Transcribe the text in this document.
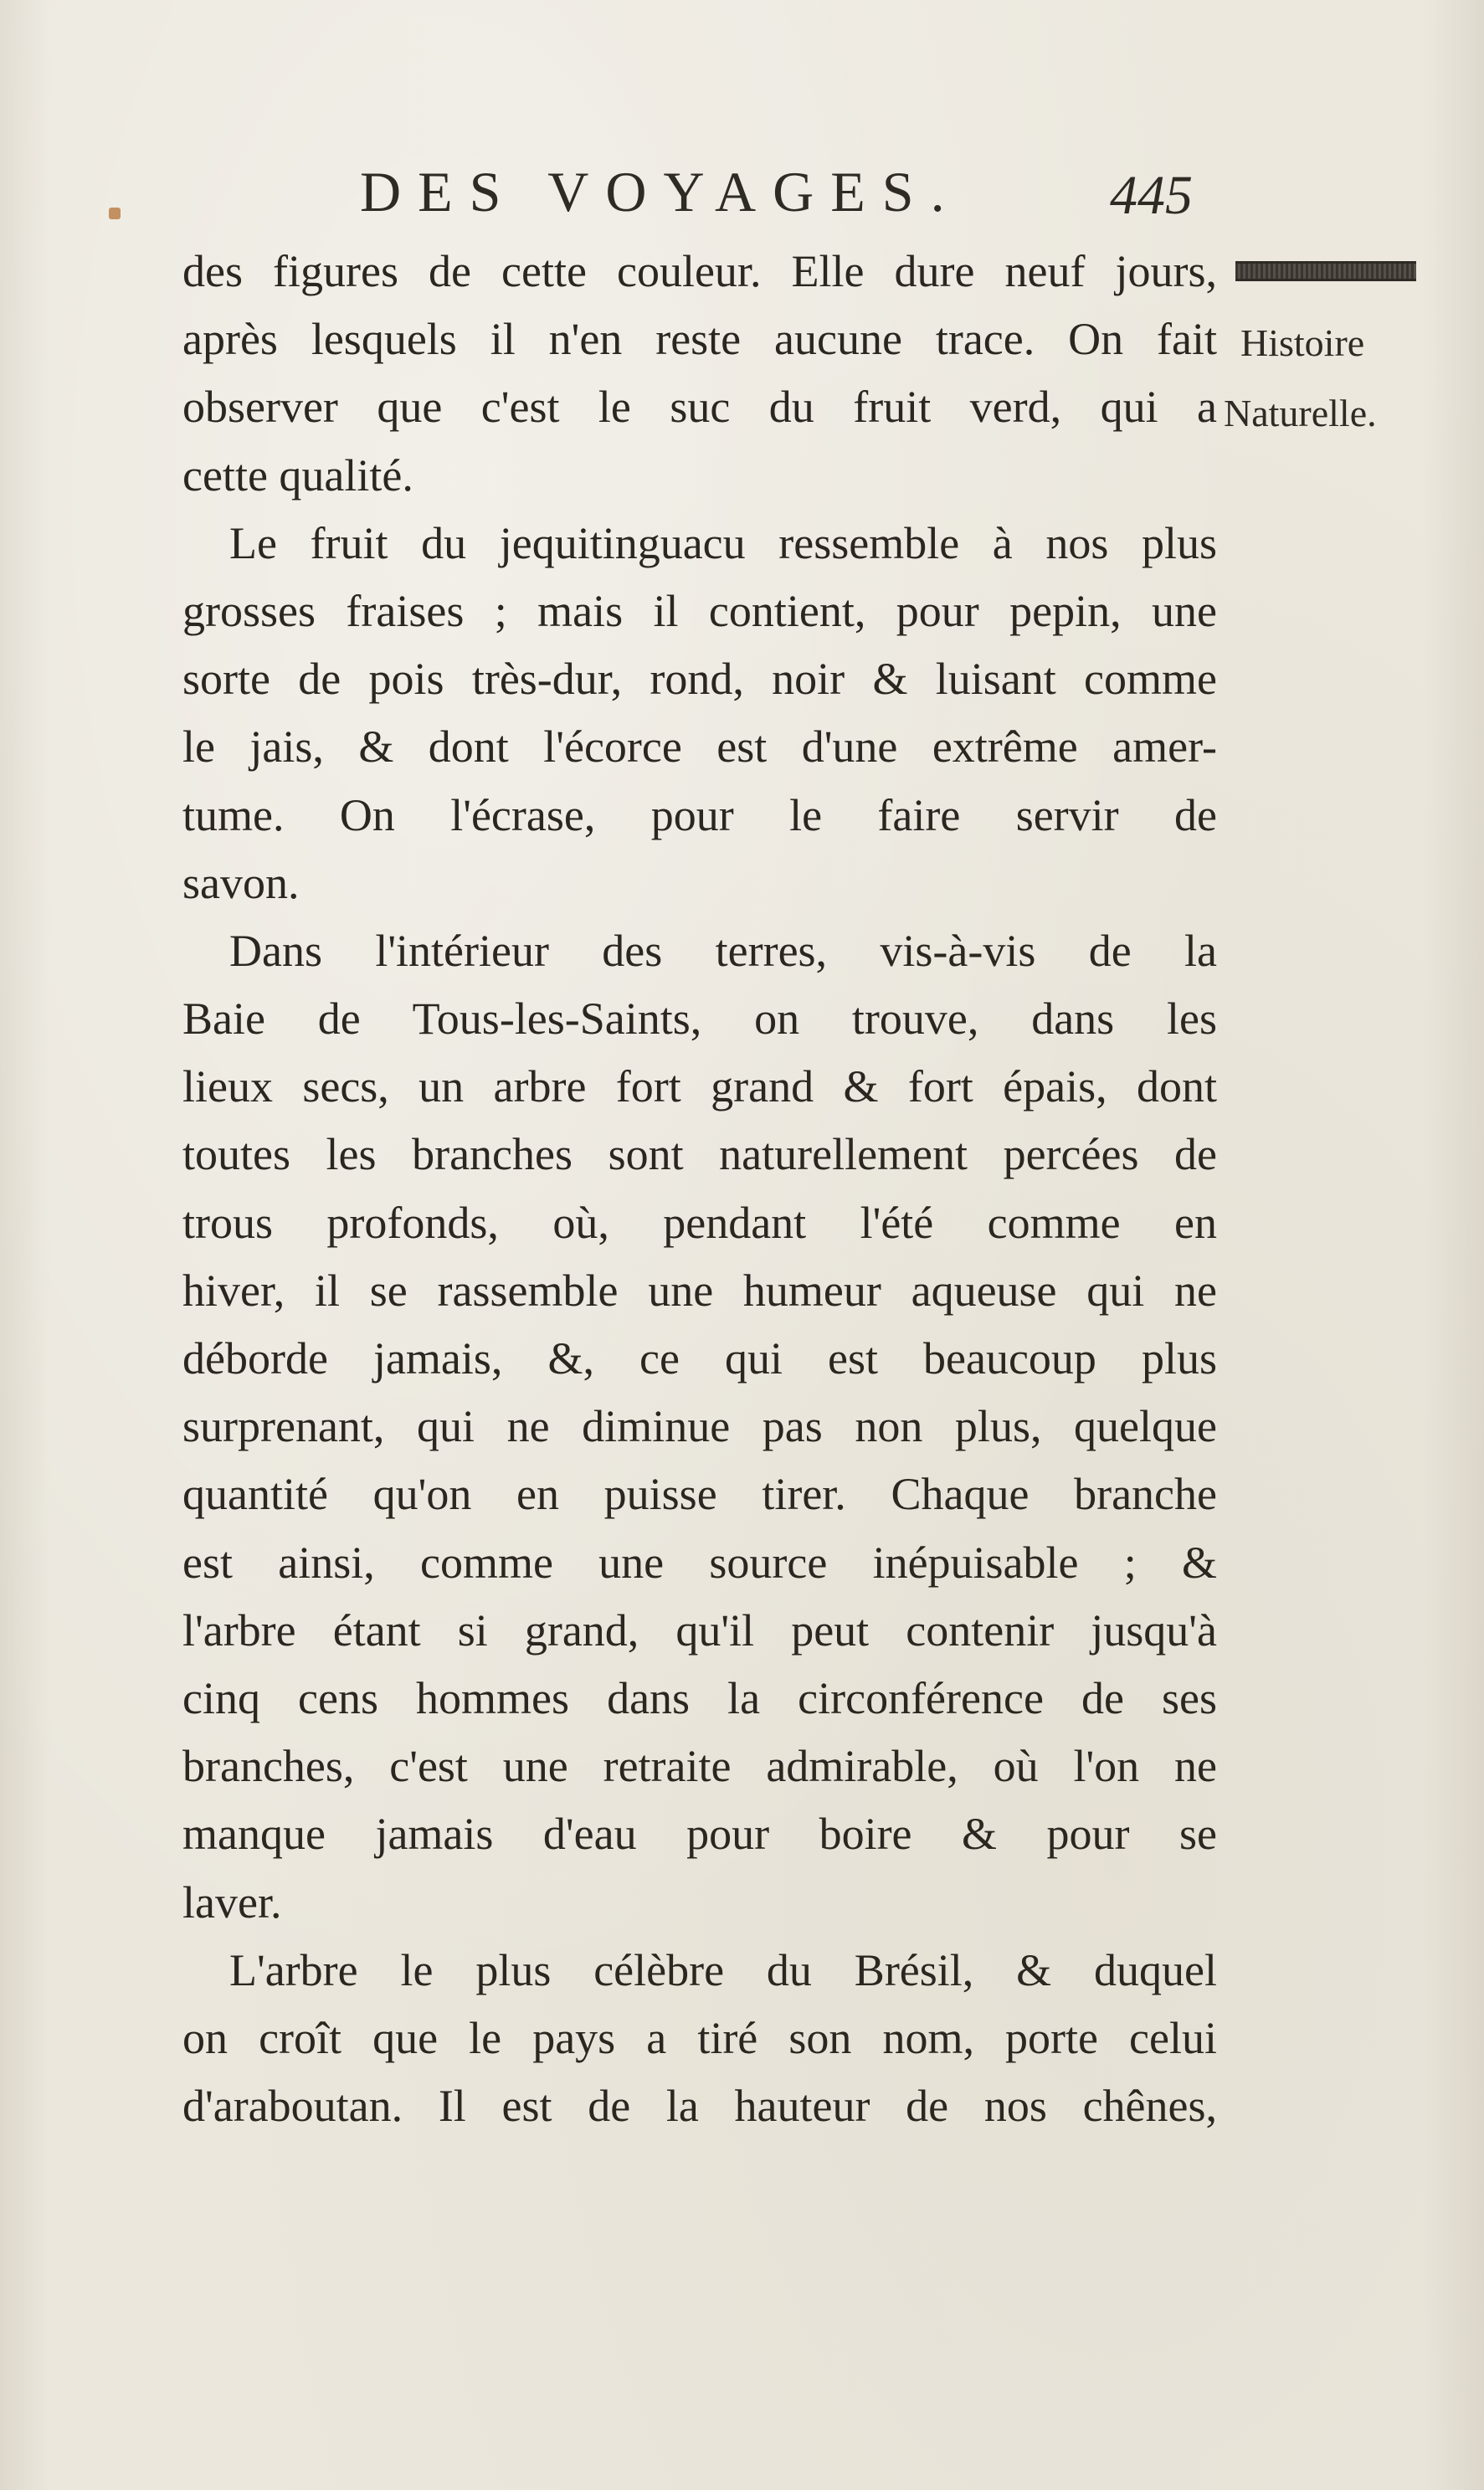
DES VOYAGES.	445
Histoire
Naturelle.
des figures de cette couleur. Elle dure neuf jours,
après lesquels il n'en reste aucune trace. On fait
observer que c'est le suc du fruit verd, qui a
cette qualité.
Le fruit du jequitinguacu ressemble à nos plus
grosses fraises ; mais il contient, pour pepin, une
sorte de pois très-dur, rond, noir & luisant comme
le jais, & dont l'écorce est d'une extrême amer-
tume. On l'écrase, pour le faire servir de
savon.
Dans l'intérieur des terres, vis-à-vis de la
Baie de Tous-les-Saints, on trouve, dans les
lieux secs, un arbre fort grand & fort épais, dont
toutes les branches sont naturellement percées de
trous profonds, où, pendant l'été comme en
hiver, il se rassemble une humeur aqueuse qui ne
déborde jamais, &, ce qui est beaucoup plus
surprenant, qui ne diminue pas non plus, quelque
quantité qu'on en puisse tirer. Chaque branche
est ainsi, comme une source inépuisable ; &
l'arbre étant si grand, qu'il peut contenir jusqu'à
cinq cens hommes dans la circonférence de ses
branches, c'est une retraite admirable, où l'on ne
manque jamais d'eau pour boire & pour se
laver.
L'arbre le plus célèbre du Brésil, & duquel
on croît que le pays a tiré son nom, porte celui
d'araboutan. Il est de la hauteur de nos chênes,
